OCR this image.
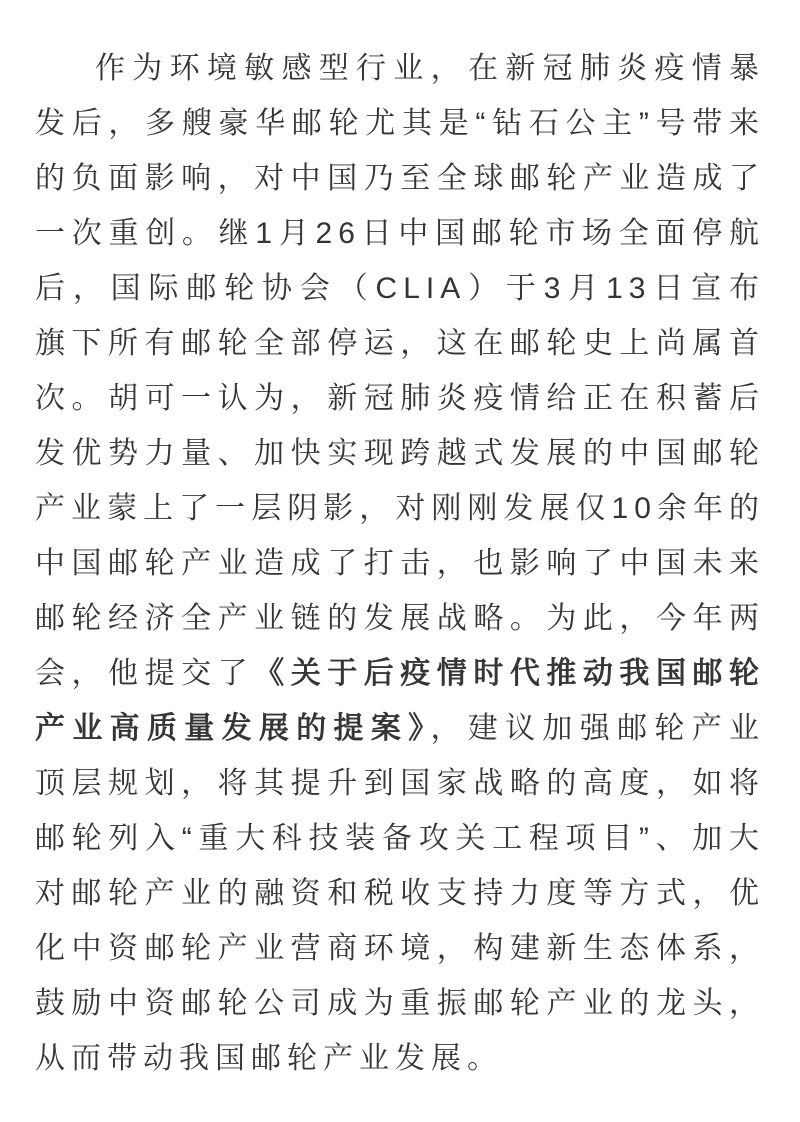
作为环境敏感型行业，在新冠肺炎疫情暴发后，多艘豪华邮轮尤其是“钻石公主”号带来的负面影响，对中国乃至全球邮轮产业造成了一次重创。继1月26日中国邮轮市场全面停航后，国际邮轮协会（CLIA）于3月13日宣布旗下所有邮轮全部停运，这在邮轮史上尚属首次。胡可一认为，新冠肺炎疫情给正在积蓄后发优势力量、加快实现跨越式发展的中国邮轮产业蒙上了一层阴影，对刚刚发展仅10余年的中国邮轮产业造成了打击，也影响了中国未来邮轮经济全产业链的发展战略。为此，今年两会，他提交了《关于后疫情时代推动我国邮轮产业高质量发展的提案》，建议加强邮轮产业顶层规划，将其提升到国家战略的高度，如将邮轮列入“重大科技装备攻关工程项目”、加大对邮轮产业的融资和税收支持力度等方式，优化中资邮轮产业营商环境，构建新生态体系，鼓励中资邮轮公司成为重振邮轮产业的龙头，从而带动我国邮轮产业发展。
